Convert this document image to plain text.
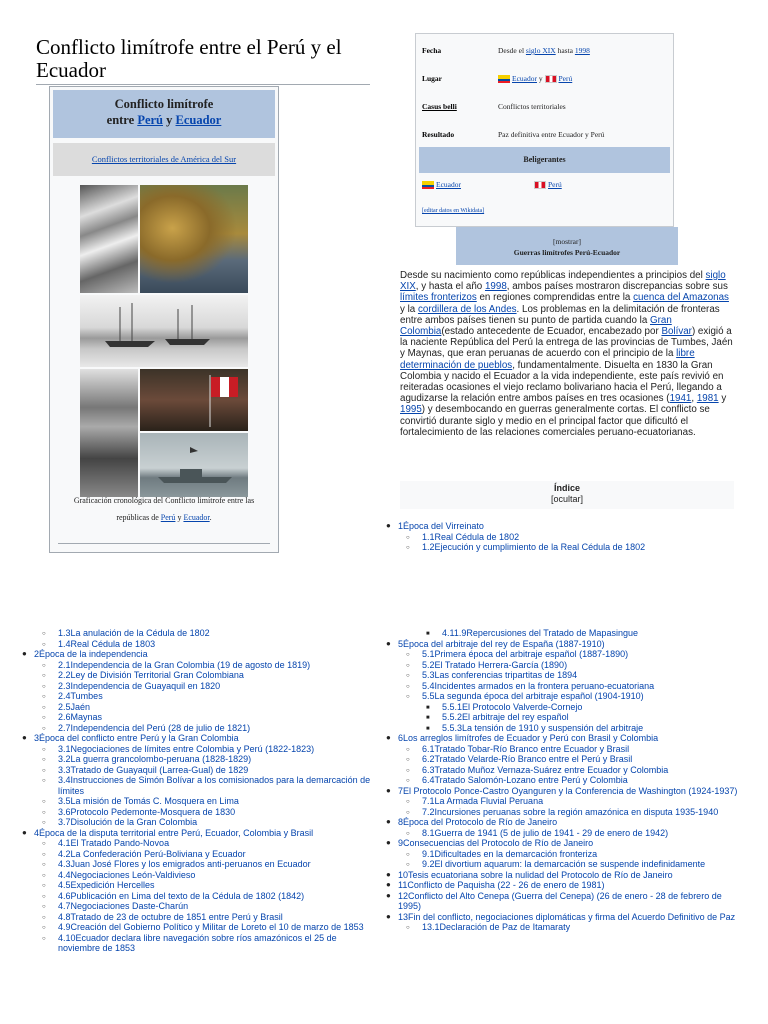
Conflicto limítrofe entre el Perú y el Ecuador
Conflicto limítrofe
entre Perú y Ecuador
Conflictos territoriales de América del Sur
Graficación cronológica del Conflicto limítrofe entre las repúblicas de Perú y Ecuador.
Fecha	Desde el siglo XIX hasta 1998
Lugar	Ecuador y Perú
Casus belli	Conflictos territoriales
Resultado	Paz definitiva entre Ecuador y Perú
Beligerantes
Ecuador	Perú
[editar datos en Wikidata]
[mostrar]
Guerras limítrofes Perú-Ecuador
Desde su nacimiento como repúblicas independientes a principios del siglo XIX, y hasta el año 1998, ambos países mostraron discrepancias sobre sus límites fronterizos en regiones comprendidas entre la cuenca del Amazonas y la cordillera de los Andes. Los problemas en la delimitación de fronteras entre ambos países tienen su punto de partida cuando la Gran Colombia(estado antecedente de Ecuador, encabezado por Bolívar) exigió a la naciente República del Perú la entrega de las provincias de Tumbes, Jaén y Maynas, que eran peruanas de acuerdo con el principio de la libre determinación de pueblos, fundamentalmente. Disuelta en 1830 la Gran Colombia y nacido el Ecuador a la vida independiente, este país revivió en reiteradas ocasiones el viejo reclamo bolivariano hacia el Perú, llegando a agudizarse la relación entre ambos países en tres ocasiones (1941, 1981 y 1995) y desembocando en guerras generalmente cortas. El conflicto se convirtió durante siglo y medio en el principal factor que dificultó el fortalecimiento de las relaciones comerciales peruano-ecuatorianas.
Índice
[ocultar]
● 1Época del Virreinato
○ 1.1Real Cédula de 1802
○ 1.2Ejecución y cumplimiento de la Real Cédula de 1802
○ 1.3La anulación de la Cédula de 1802
○ 1.4Real Cédula de 1803
● 2Época de la independencia
○ 2.1Independencia de la Gran Colombia (19 de agosto de 1819)
○ 2.2Ley de División Territorial Gran Colombiana
○ 2.3Independencia de Guayaquil en 1820
○ 2.4Tumbes
○ 2.5Jaén
○ 2.6Maynas
○ 2.7Independencia del Perú (28 de julio de 1821)
● 3Época del conflicto entre Perú y la Gran Colombia
○ 3.1Negociaciones de límites entre Colombia y Perú (1822-1823)
○ 3.2La guerra grancolombo-peruana (1828-1829)
○ 3.3Tratado de Guayaquil (Larrea-Gual) de 1829
○ 3.4Instrucciones de Simón Bolívar a los comisionados para la demarcación de límites
○ 3.5La misión de Tomás C. Mosquera en Lima
○ 3.6Protocolo Pedemonte-Mosquera de 1830
○ 3.7Disolución de la Gran Colombia
● 4Época de la disputa territorial entre Perú, Ecuador, Colombia y Brasil
○ 4.1El Tratado Pando-Novoa
○ 4.2La Confederación Perú-Boliviana y Ecuador
○ 4.3Juan José Flores y los emigrados anti-peruanos en Ecuador
○ 4.4Negociaciones León-Valdivieso
○ 4.5Expedición Hercelles
○ 4.6Publicación en Lima del texto de la Cédula de 1802 (1842)
○ 4.7Negociaciones Daste-Charún
○ 4.8Tratado de 23 de octubre de 1851 entre Perú y Brasil
○ 4.9Creación del Gobierno Político y Militar de Loreto el 10 de marzo de 1853
○ 4.10Ecuador declara libre navegación sobre ríos amazónicos el 25 de noviembre de 1853
■ 4.11.9Repercusiones del Tratado de Mapasingue
● 5Época del arbitraje del rey de España (1887-1910)
○ 5.1Primera época del arbitraje español (1887-1890)
○ 5.2El Tratado Herrera-García (1890)
○ 5.3Las conferencias tripartitas de 1894
○ 5.4Incidentes armados en la frontera peruano-ecuatoriana
○ 5.5La segunda época del arbitraje español (1904-1910)
■ 5.5.1El Protocolo Valverde-Cornejo
■ 5.5.2El arbitraje del rey español
■ 5.5.3La tensión de 1910 y suspensión del arbitraje
● 6Los arreglos limítrofes de Ecuador y Perú con Brasil y Colombia
○ 6.1Tratado Tobar-Río Branco entre Ecuador y Brasil
○ 6.2Tratado Velarde-Río Branco entre el Perú y Brasil
○ 6.3Tratado Muñoz Vernaza-Suárez entre Ecuador y Colombia
○ 6.4Tratado Salomón-Lozano entre Perú y Colombia
● 7El Protocolo Ponce-Castro Oyanguren y la Conferencia de Washington (1924-1937)
○ 7.1La Armada Fluvial Peruana
○ 7.2Incursiones peruanas sobre la región amazónica en disputa 1935-1940
● 8Época del Protocolo de Río de Janeiro
○ 8.1Guerra de 1941 (5 de julio de 1941 - 29 de enero de 1942)
● 9Consecuencias del Protocolo de Río de Janeiro
○ 9.1Dificultades en la demarcación fronteriza
○ 9.2El divortium aquarum: la demarcación se suspende indefinidamente
● 10Tesis ecuatoriana sobre la nulidad del Protocolo de Río de Janeiro
● 11Conflicto de Paquisha (22 - 26 de enero de 1981)
● 12Conflicto del Alto Cenepa (Guerra del Cenepa) (26 de enero - 28 de febrero de 1995)
● 13Fin del conflicto, negociaciones diplomáticas y firma del Acuerdo Definitivo de Paz
○ 13.1Declaración de Paz de Itamaraty
